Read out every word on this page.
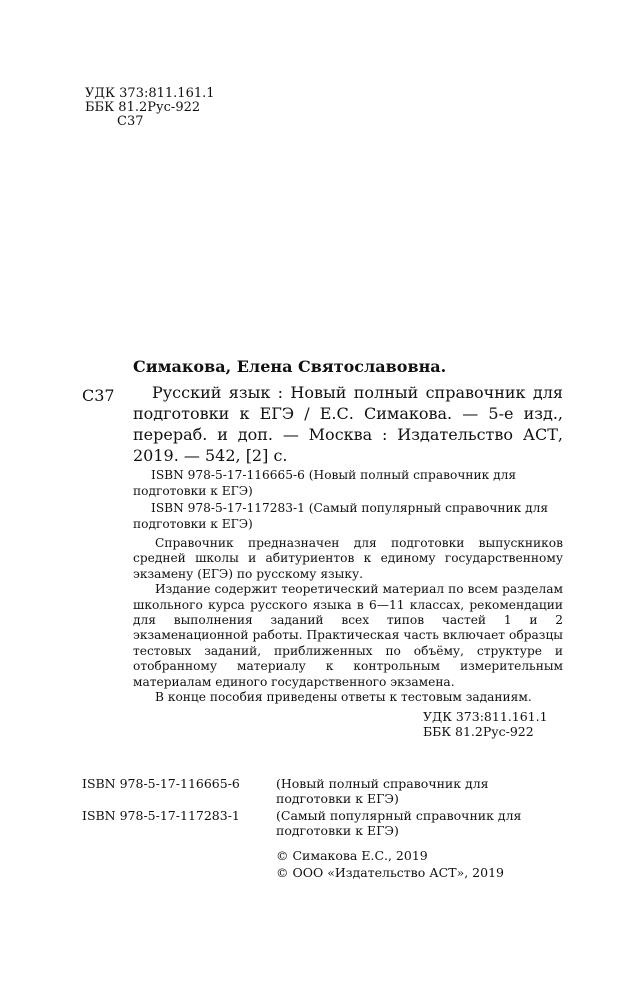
УДК 373:811.161.1
ББК 81.2Рус-922
С37
Симакова, Елена Святославовна.
С37	Русский язык : Новый полный справочник для подготовки к ЕГЭ / Е.С. Симакова. — 5-е изд., перераб. и доп. — Москва : Издательство АСТ, 2019. — 542, [2] с.

ISBN 978-5-17-116665-6 (Новый полный справочник для подготовки к ЕГЭ)

ISBN 978-5-17-117283-1 (Самый популярный справочник для подготовки к ЕГЭ)

Справочник предназначен для подготовки выпускников средней школы и абитуриентов к единому государственному экзамену (ЕГЭ) по русскому языку.

Издание содержит теоретический материал по всем разделам школьного курса русского языка в 6—11 классах, рекомендации для выполнения заданий всех типов частей 1 и 2 экзаменационной работы. Практическая часть включает образцы тестовых заданий, приближенных по объёму, структуре и отобранному материалу к контрольным измерительным материалам единого государственного экзамена.

В конце пособия приведены ответы к тестовым заданиям.

УДК 373:811.161.1
ББК 81.2Рус-922
ISBN 978-5-17-116665-6	(Новый полный справочник для подготовки к ЕГЭ)
ISBN 978-5-17-117283-1	(Самый популярный справочник для подготовки к ЕГЭ)
© Симакова Е.С., 2019
© ООО «Издательство АСТ», 2019
